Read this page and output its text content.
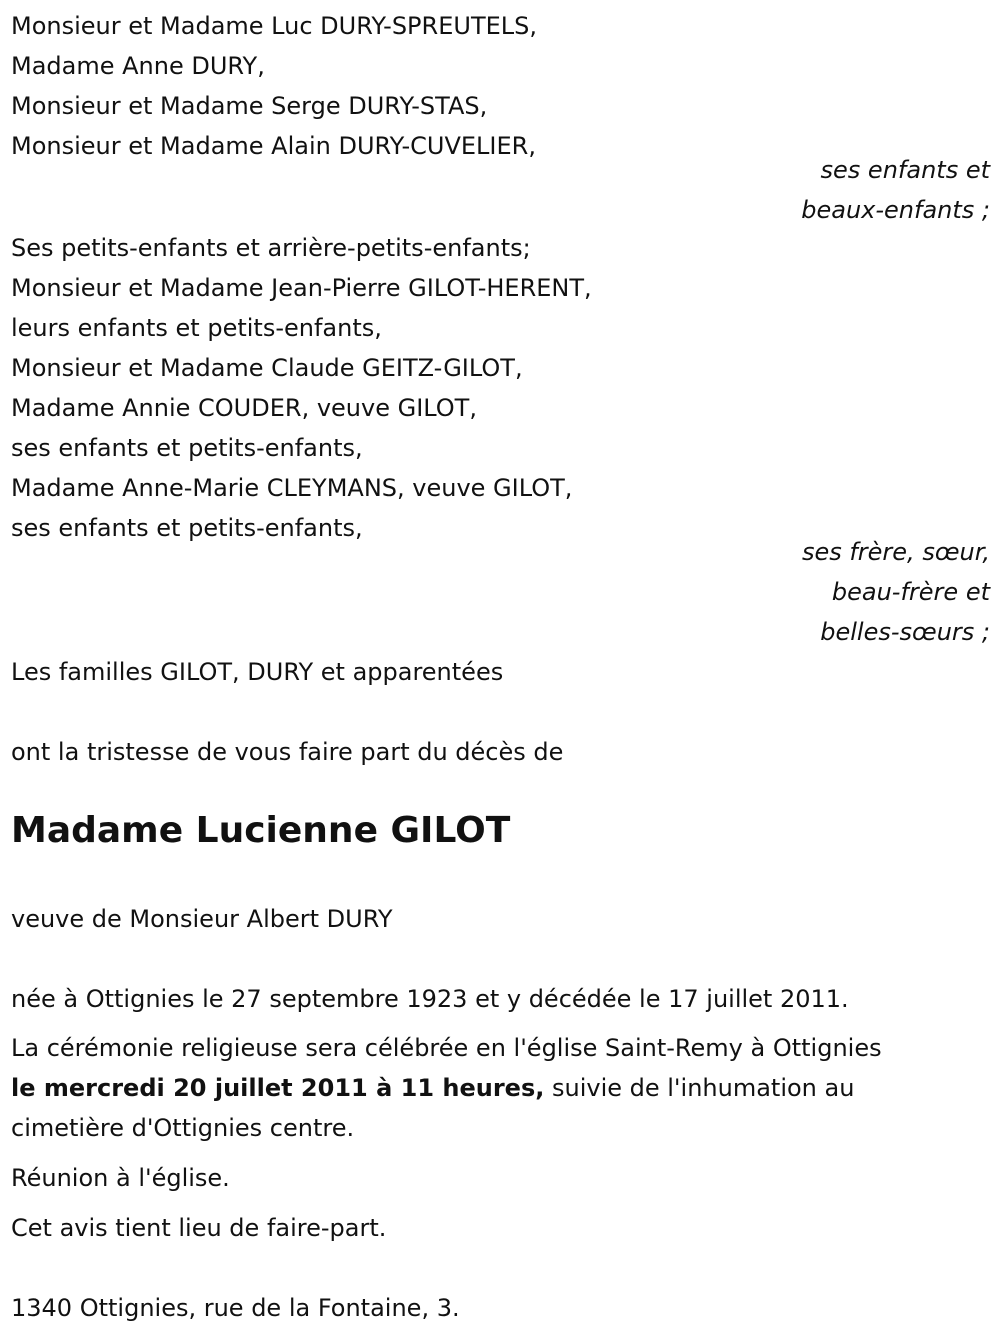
Monsieur et Madame Luc DURY-SPREUTELS,
Madame Anne DURY,
Monsieur et Madame Serge DURY-STAS,
Monsieur et Madame Alain DURY-CUVELIER,
ses enfants et
beaux-enfants ;
Ses petits-enfants et arrière-petits-enfants;
Monsieur et Madame Jean-Pierre GILOT-HERENT,
leurs enfants et petits-enfants,
Monsieur et Madame Claude GEITZ-GILOT,
Madame Annie COUDER, veuve GILOT,
ses enfants et petits-enfants,
Madame Anne-Marie CLEYMANS, veuve GILOT,
ses enfants et petits-enfants,
ses frère, sœur,
beau-frère et
belles-sœurs ;
Les familles GILOT, DURY et apparentées
ont la tristesse de vous faire part du décès de
Madame Lucienne GILOT
veuve de Monsieur Albert DURY
née à Ottignies le 27 septembre 1923 et y décédée le 17 juillet 2011.
La cérémonie religieuse sera célébrée en l'église Saint-Remy à Ottignies
le mercredi 20 juillet 2011 à 11 heures, suivie de l'inhumation au
cimetière d'Ottignies centre.
Réunion à l'église.
Cet avis tient lieu de faire-part.
1340 Ottignies, rue de la Fontaine, 3.
